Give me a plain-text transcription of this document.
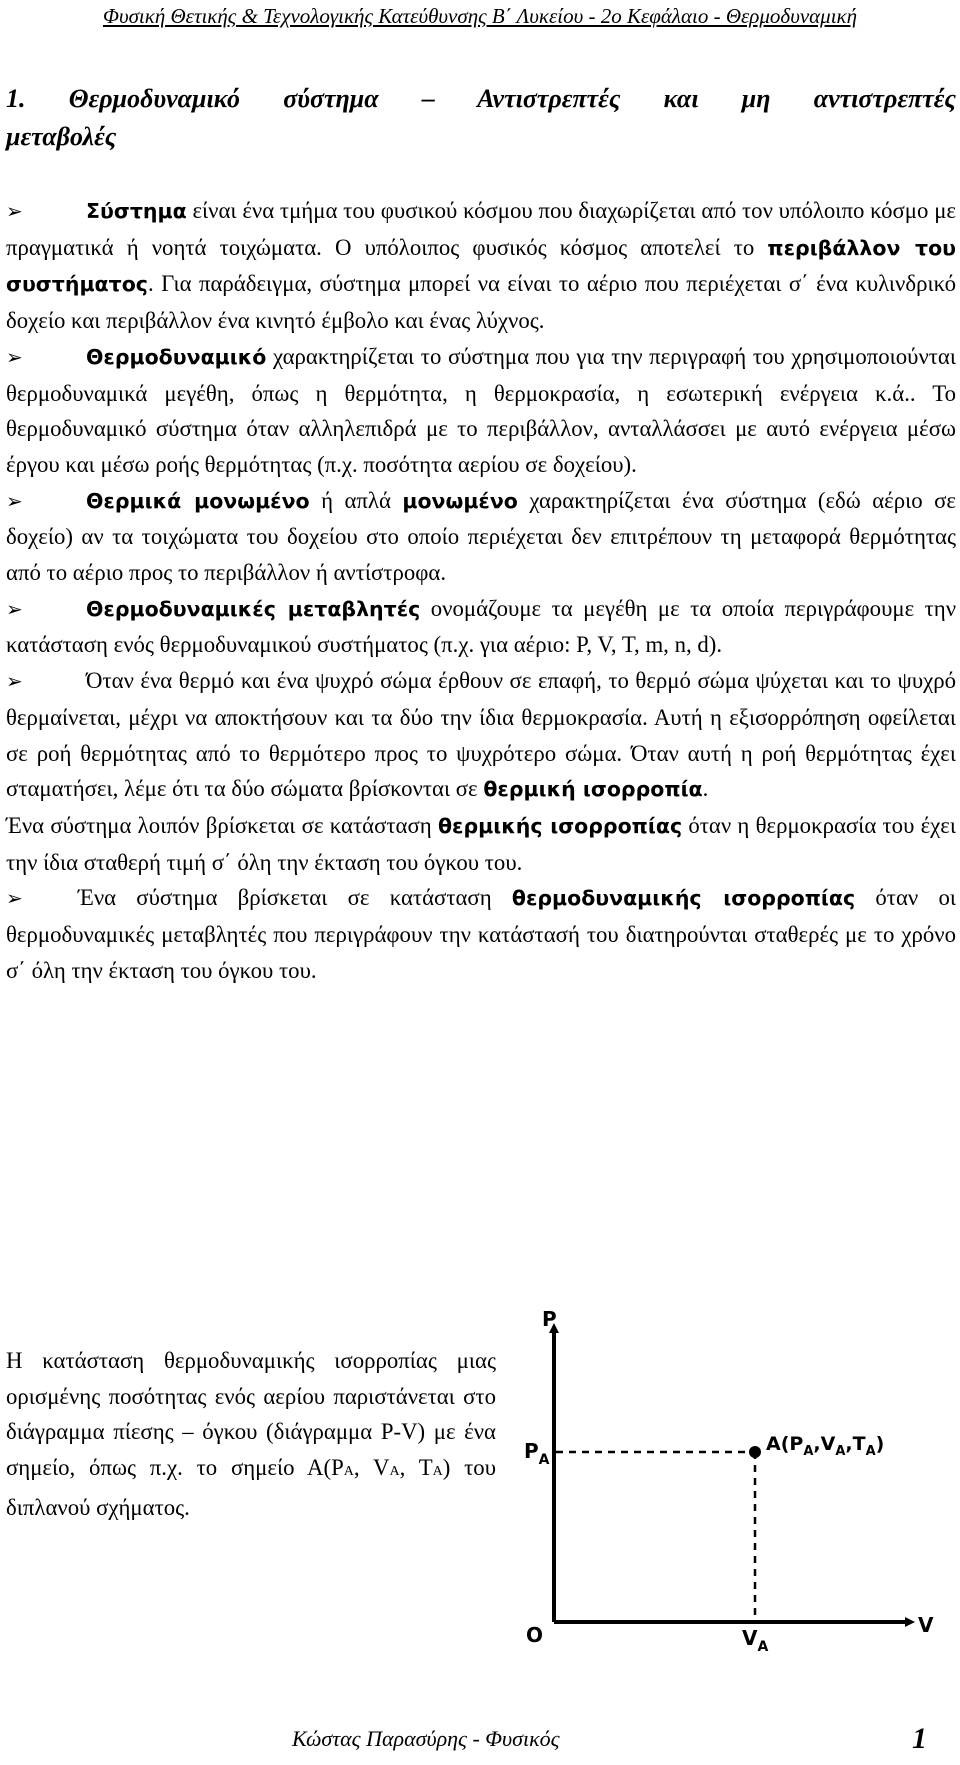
Φυσική Θετικής & Τεχνολογικής Κατεύθυνσης Β΄ Λυκείου - 2ο Κεφάλαιο - Θερμοδυναμική
1. Θερμοδυναμικό σύστημα – Αντιστρεπτές και μη αντιστρεπτές
μεταβολές

➢	Σύστημα είναι ένα τμήμα του φυσικού κόσμου που διαχωρίζεται από τον υπόλοιπο κόσμο με πραγματικά ή νοητά τοιχώματα. Ο υπόλοιπος φυσικός κόσμος αποτελεί το περιβάλλον του συστήματος. Για παράδειγμα, σύστημα μπορεί να είναι το αέριο που περιέχεται σ΄ ένα κυλινδρικό δοχείο και περιβάλλον ένα κινητό έμβολο και ένας λύχνος.

➢	Θερμοδυναμικό χαρακτηρίζεται το σύστημα που για την περιγραφή του χρησιμοποιούνται θερμοδυναμικά μεγέθη, όπως η θερμότητα, η θερμοκρασία, η εσωτερική ενέργεια κ.ά.. Το θερμοδυναμικό σύστημα όταν αλληλεπιδρά με το περιβάλλον, ανταλλάσσει με αυτό ενέργεια μέσω έργου και μέσω ροής θερμότητας (π.χ. ποσότητα αερίου σε δοχείου).

➢	Θερμικά μονωμένο ή απλά μονωμένο χαρακτηρίζεται ένα σύστημα (εδώ αέριο σε δοχείο) αν τα τοιχώματα του δοχείου στο οποίο περιέχεται δεν επιτρέπουν τη μεταφορά θερμότητας από το αέριο προς το περιβάλλον ή αντίστροφα.

➢	Θερμοδυναμικές μεταβλητές ονομάζουμε τα μεγέθη με τα οποία περιγράφουμε την κατάσταση ενός θερμοδυναμικού συστήματος (π.χ. για αέριο: P, V, T, m, n, d).

➢	Όταν ένα θερμό και ένα ψυχρό σώμα έρθουν σε επαφή, το θερμό σώμα ψύχεται και το ψυχρό θερμαίνεται, μέχρι να αποκτήσουν και τα δύο την ίδια θερμοκρασία. Αυτή η εξισορρόπηση οφείλεται σε ροή θερμότητας από το θερμότερο προς το ψυχρότερο σώμα. Όταν αυτή η ροή θερμότητας έχει σταματήσει, λέμε ότι τα δύο σώματα βρίσκονται σε θερμική ισορροπία.

Ένα σύστημα λοιπόν βρίσκεται σε κατάσταση θερμικής ισορροπίας όταν η θερμοκρασία του έχει την ίδια σταθερή τιμή σ΄ όλη την έκταση του όγκου του.

➢ Ένα σύστημα βρίσκεται σε κατάσταση θερμοδυναμικής ισορροπίας όταν οι θερμοδυναμικές μεταβλητές που περιγράφουν την κατάστασή του διατηρούνται σταθερές με το χρόνο σ΄ όλη την έκταση του όγκου του.

Η κατάσταση θερμοδυναμικής ισορροπίας μιας ορισμένης ποσότητας ενός αερίου παριστάνεται στο διάγραμμα πίεσης – όγκου (διάγραμμα P-V) με ένα σημείο, όπως π.χ. το σημείο Α(PA, VA, TA) του διπλανού σχήματος.

P
V
O
$P_A$
$V_A$
$A(P_A,V_A,T_A)$
Κώστας Παρασύρης - Φυσικός	1
